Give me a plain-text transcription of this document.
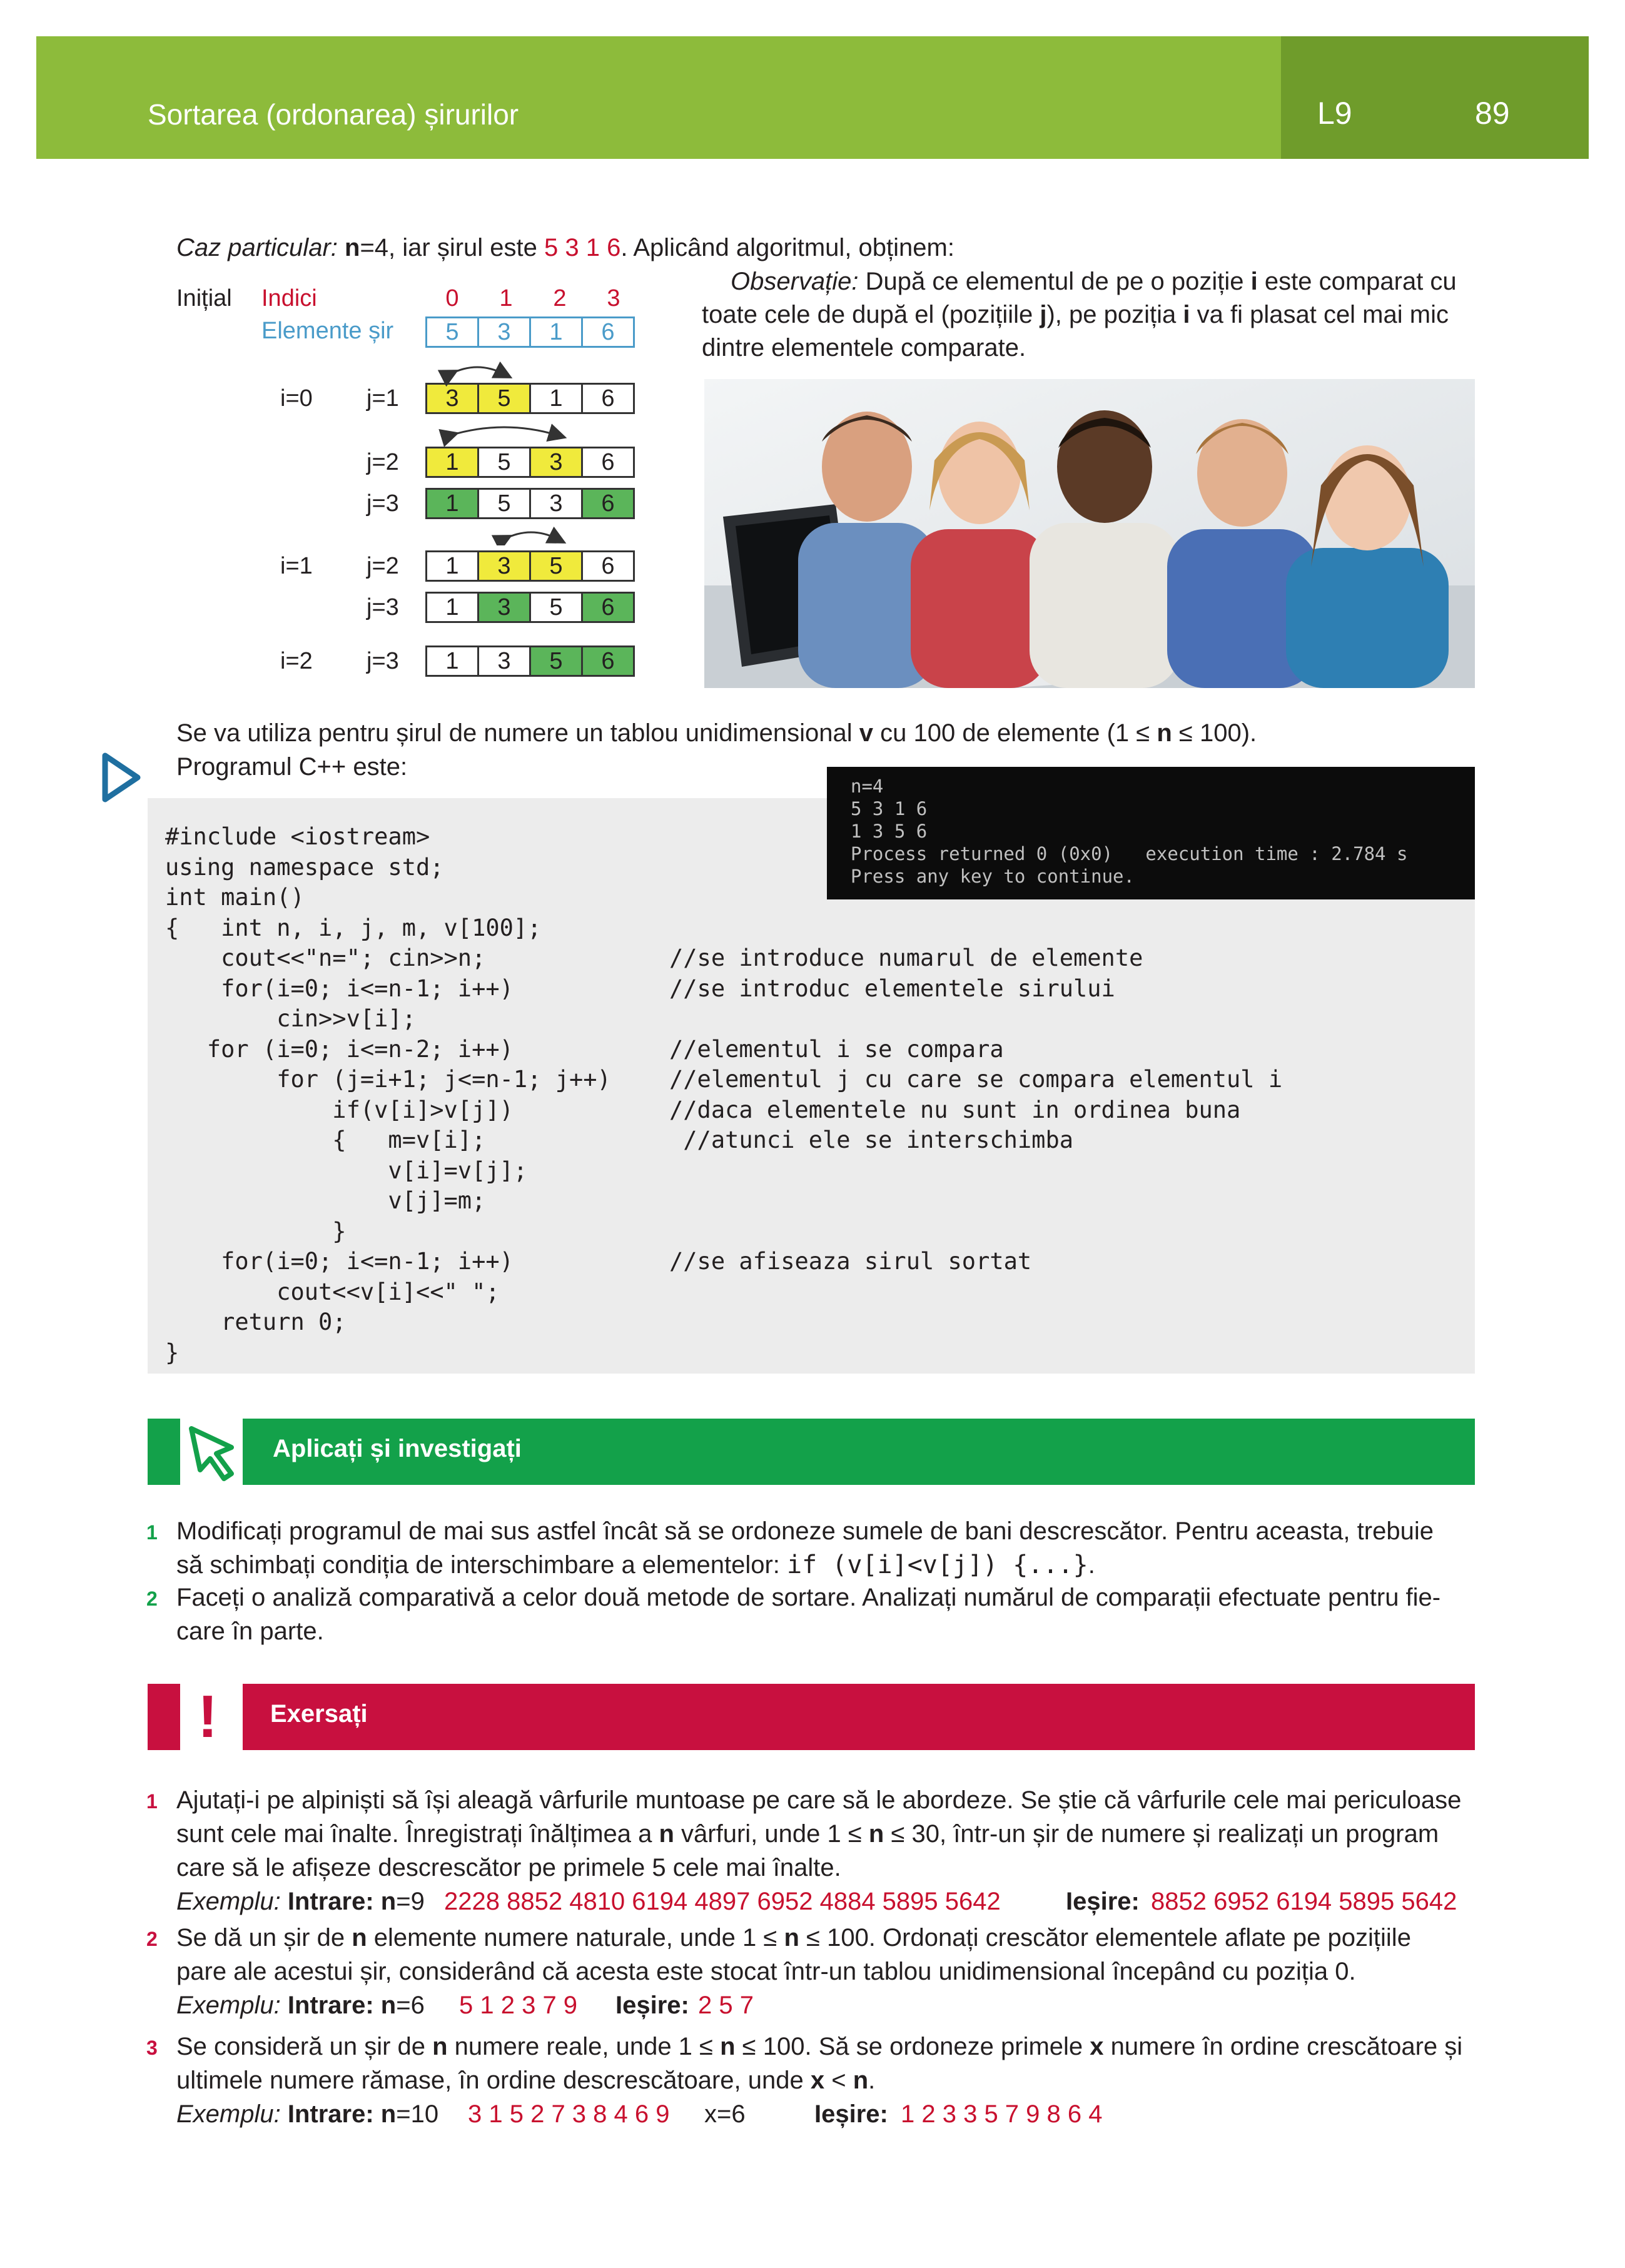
Sortarea (ordonarea) șirurilor	L9	89
Caz particular: n=4, iar șirul este 5 3 1 6. Aplicând algoritmul, obținem:
Observație: După ce elementul de pe o poziție i este comparat cu
toate cele de după el (pozițiile j), pe poziția i va fi plasat cel mai mic
dintre elementele comparate.
Inițial Indici
Elemente șir
0	1	2	3
5	3	1	6
i=0 j=1	3	5	1	6
j=2	1	5	3	6
j=3	1	5	3	6
i=1 j=2	1	3	5	6
j=3	1	3	5	6
i=2 j=3	1	3	5	6
Se va utiliza pentru șirul de numere un tablou unidimensional v cu 100 de elemente (1 ≤ n ≤ 100).
Programul C++ este:
#include <iostream>
using namespace std;
int main()
{   int n, i, j, m, v[100];
cout<<"n="; cin>>n;	//se introduce numarul de elemente
for(i=0; i<=n-1; i++)	//se introduc elementele sirului
cin>>v[i];
for (i=0; i<=n-2; i++)	//elementul i se compara
for (j=i+1; j<=n-1; j++)	//elementul j cu care se compara elementul i
if(v[i]>v[j])	//daca elementele nu sunt in ordinea buna
{   m=v[i];	//atunci ele se interschimba
v[i]=v[j];
v[j]=m;
}
for(i=0; i<=n-1; i++)	//se afiseaza sirul sortat
cout<<v[i]<<" ";
return 0;
}
n=4
5 3 1 6
1 3 5 6
Process returned 0 (0x0)   execution time : 2.784 s
Press any key to continue.
Aplicați și investigați
1 Modificați programul de mai sus astfel încât să se ordoneze sumele de bani descrescător. Pentru aceasta, trebuie
să schimbați condiția de interschimbare a elementelor: if (v[i]<v[j]) {...}.
2 Faceți o analiză comparativă a celor două metode de sortare. Analizați numărul de comparații efectuate pentru fie-
care în parte.
! Exersați
1 Ajutați-i pe alpiniști să își aleagă vârfurile muntoase pe care să le abordeze. Se știe că vârfurile cele mai periculoase
sunt cele mai înalte. Înregistrați înălțimea a n vârfuri, unde 1 ≤ n ≤ 30, într-un șir de numere și realizați un program
care să le afișeze descrescător pe primele 5 cele mai înalte.
Exemplu: Intrare: n=9 2228 8852 4810 6194 4897 6952 4884 5895 5642	Ieșire: 8852 6952 6194 5895 5642
2 Se dă un șir de n elemente numere naturale, unde 1 ≤ n ≤ 100. Ordonați crescător elementele aflate pe pozițiile
pare ale acestui șir, considerând că acesta este stocat într-un tablou unidimensional începând cu poziția 0.
Exemplu: Intrare: n=6 5 1 2 3 7 9 Ieșire: 2 5 7
3 Se consideră un șir de n numere reale, unde 1 ≤ n ≤ 100. Să se ordoneze primele x numere în ordine crescătoare și
ultimele numere rămase, în ordine descrescătoare, unde x < n.
Exemplu: Intrare: n=10 3 1 5 2 7 3 8 4 6 9 x=6	Ieșire: 1 2 3 3 5 7 9 8 6 4
